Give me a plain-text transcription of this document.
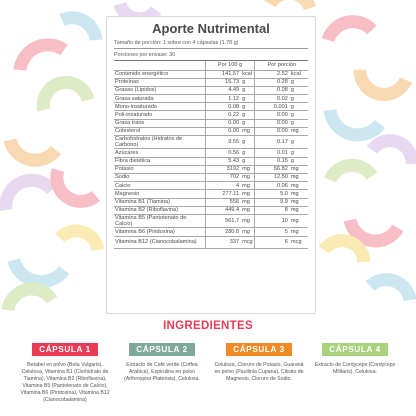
Aporte Nutrimental
Tamaño de porción: 1 sobre con 4 cápsulas (1.78 g)
Porciones por envase: 30
	Por 100 g		Por porción	
Contenido energético	141.57	kcal	2.52	kcal
Proteínas	15.73	g	0.28	g
Grasas (Lípidos)	4.49	g	0.08	g
Grasa saturada	1.12	g	0.02	g
Mono-insaturado	0.08	g	0.001	g
Poli-insaturado	0.22	g	0.00	g
Grasa trans	0.00	g	0.00	g
Colesterol	0.00	mg	0.00	mg
Carbohidratos (Hidratos de Carbono)	9.55	g	0.17	g
Azúcares	0.56	g	0.01	g
Fibra dietética	5.43	g	0.15	g
Potasio	3192	mg	56.82	mg
Sodio	702	mg	12.50	mg
Calcio	4	mg	0.06	mg
Magnesio	277.11	mg	5.0	mg
Vitamina B1 (Tiamina)	556	mg	9.9	mg
Vitamina B2 (Riboflavina)	449.4	mg	8	mg
Vitamina B5 (Pantotenato de Calcio)	561.7	mg	10	mg
Vitamina B6 (Piridoxina)	280.8	mg	5	mg
Vitamina B12 (Cianocobalamina)	337	mcg	6	mcg
INGREDIENTES
CÁPSULA 1
Betabel en polvo (Beta Vulgaris), Celulosa, Vitamina B1 (Clorhidrato de Tiamina), Vitamina B2 (Riboflavina), Vitamina B5 (Pantotenato de Calcio), Vitamina B6 (Piridoxina), Vitamina B12 (Cianocobalamina)
CÁPSULA 2
Extracto de Café verde (Coffea Arabica), Espirulina en polvo (Arthrospira Platensis), Celulosa.
CÁPSULA 3
Celulosa, Cloruro de Potasio, Guaraná en polvo (Paullinia Cupana), Citrato de Magnesio, Cloruro de Sodio.
CÁPSULA 4
Extracto de Cordyceps (Cordyceps Militaris), Celulosa.
